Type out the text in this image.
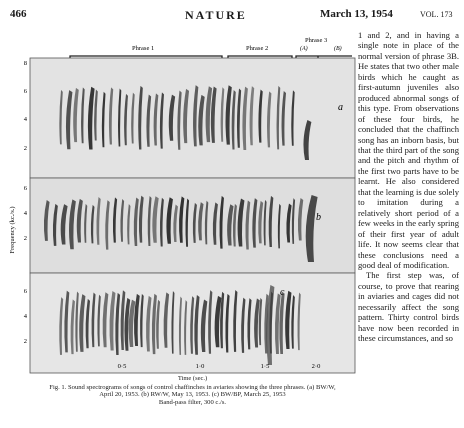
466	NATURE	March 13, 1954	VOL. 173
Phrase 1	Phrase 2
Phrase 3
(A)	(B)
a
b
c
8
6
4
2
6
4
2
6
4
2
Frequency (kc./s.)
0·5	1·0	1·5	2·0
Time (sec.)
Fig. 1. Sound spectrograms of songs of control chaffinches in aviaries showing the three phrases. (a) BW/W,
April 20, 1953. (b) RW/W, May 13, 1953. (c) BW/BP, March 25, 1953
Band-pass filter, 300 c./s.

1 and 2, and in having a single note in place of the normal version of phrase 3B. He states that two other male birds which he caught as first-autumn juveniles also produced abnormal songs of this type. From observations of these four birds, he concluded that the chaffinch song has an inborn basis, but that the third part of the song and the pitch and rhythm of the first two parts have to be learnt. He also considered that the learning is due solely to imitation during a relatively short period of a few weeks in the early spring of their first year of adult life. It now seems clear that these conclusions need a good deal of modification.

The first step was, of course, to prove that rearing in aviaries and cages did not necessarily affect the song pattern. Thirty control birds have now been recorded in these circumstances, and so
